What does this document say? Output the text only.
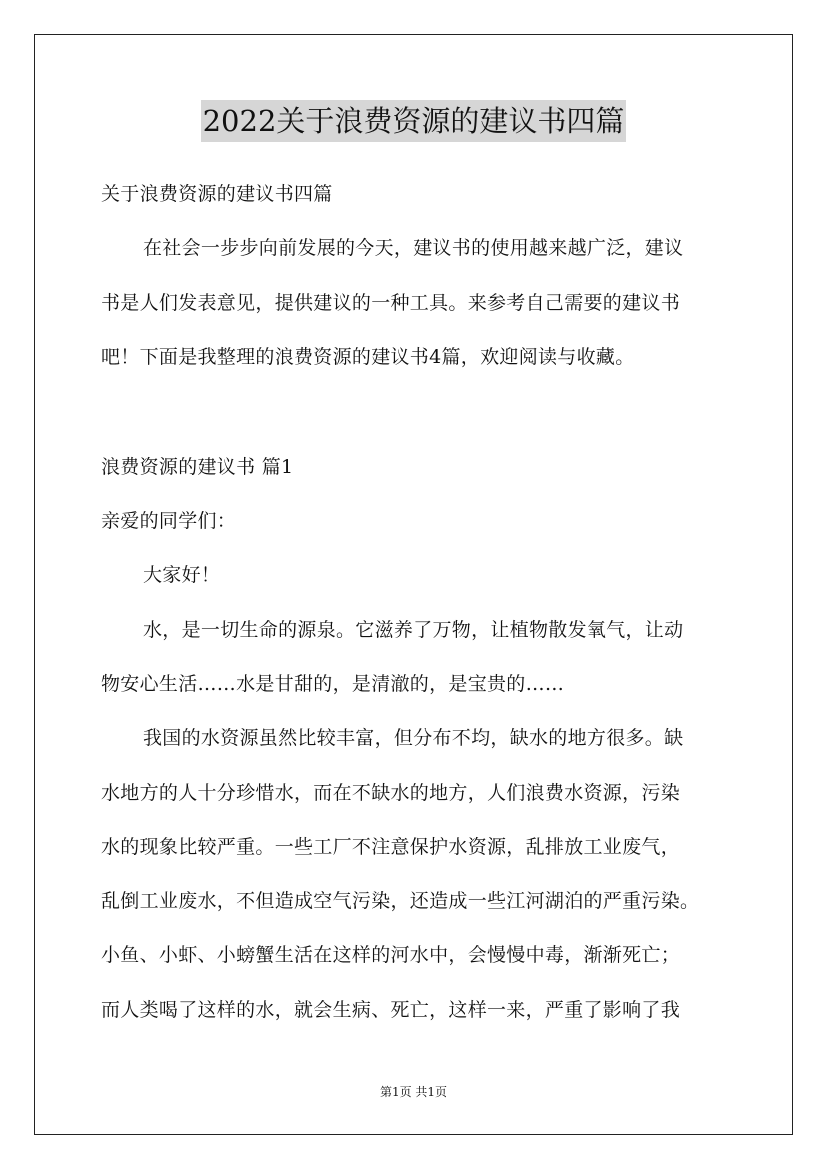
2022关于浪费资源的建议书四篇
关于浪费资源的建议书四篇
在社会一步步向前发展的今天，建议书的使用越来越广泛，建议
书是人们发表意见，提供建议的一种工具。来参考自己需要的建议书
吧！下面是我整理的浪费资源的建议书4篇，欢迎阅读与收藏。
浪费资源的建议书 篇1
亲爱的同学们：
大家好！
水，是一切生命的源泉。它滋养了万物，让植物散发氧气，让动
物安心生活……水是甘甜的，是清澈的，是宝贵的……
我国的水资源虽然比较丰富，但分布不均，缺水的地方很多。缺
水地方的人十分珍惜水，而在不缺水的地方，人们浪费水资源，污染
水的现象比较严重。一些工厂不注意保护水资源，乱排放工业废气，
乱倒工业废水，不但造成空气污染，还造成一些江河湖泊的严重污染。
小鱼、小虾、小螃蟹生活在这样的河水中，会慢慢中毒，渐渐死亡；
而人类喝了这样的水，就会生病、死亡，这样一来，严重了影响了我
第1页 共1页
